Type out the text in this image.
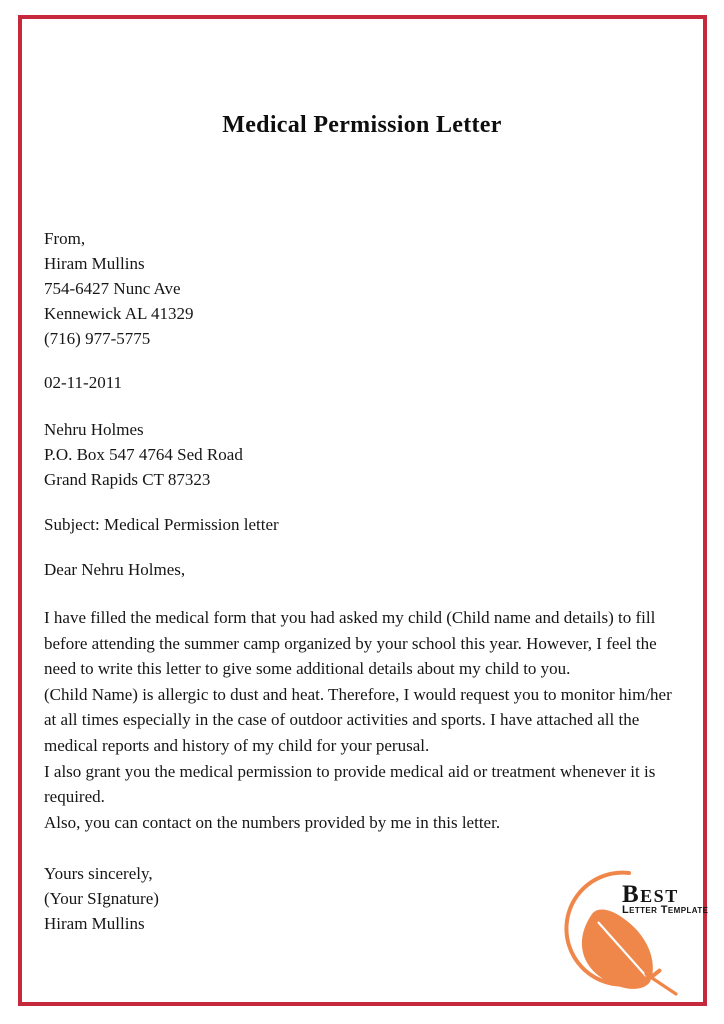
Medical Permission Letter
From,
Hiram Mullins
754-6427 Nunc Ave
Kennewick AL 41329
(716) 977-5775
02-11-2011
Nehru Holmes
P.O. Box 547 4764 Sed Road
Grand Rapids CT 87323
Subject: Medical Permission letter
Dear Nehru Holmes,
I have filled the medical form that you had asked my child (Child name and details) to fill
before attending the summer camp organized by your school this year. However, I feel the
need to write this letter to give some additional details about my child to you.
(Child Name) is allergic to dust and heat. Therefore, I would request you to monitor him/her
at all times especially in the case of outdoor activities and sports. I have attached all the
medical reports and history of my child for your perusal.
I also grant you the medical permission to provide medical aid or treatment whenever it is
required.
Also, you can contact on the numbers provided by me in this letter.
Yours sincerely,
(Your SIgnature)
Hiram Mullins
Best
Letter Template
